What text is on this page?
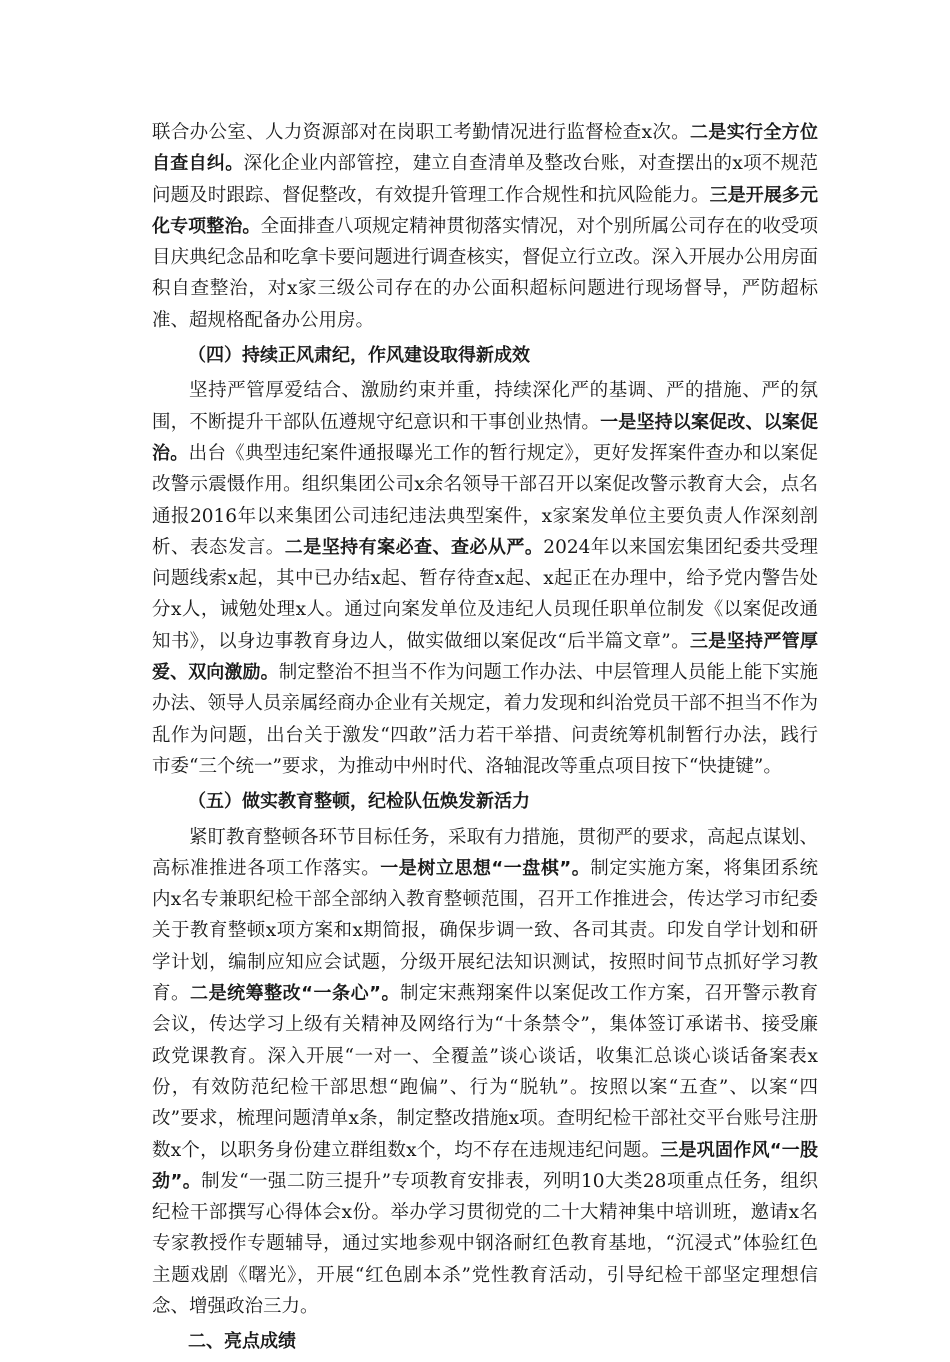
联合办公室、人力资源部对在岗职工考勤情况进行监督检查x次。二是实行全方位自查自纠。深化企业内部管控，建立自查清单及整改台账，对查摆出的x项不规范问题及时跟踪、督促整改，有效提升管理工作合规性和抗风险能力。三是开展多元化专项整治。全面排查八项规定精神贯彻落实情况，对个别所属公司存在的收受项目庆典纪念品和吃拿卡要问题进行调查核实，督促立行立改。深入开展办公用房面积自查整治，对x家三级公司存在的办公面积超标问题进行现场督导，严防超标准、超规格配备办公用房。

（四）持续正风肃纪，作风建设取得新成效

坚持严管厚爱结合、激励约束并重，持续深化严的基调、严的措施、严的氛围，不断提升干部队伍遵规守纪意识和干事创业热情。一是坚持以案促改、以案促治。出台《典型违纪案件通报曝光工作的暂行规定》，更好发挥案件查办和以案促改警示震慑作用。组织集团公司x余名领导干部召开以案促改警示教育大会，点名通报2016年以来集团公司违纪违法典型案件，x家案发单位主要负责人作深刻剖析、表态发言。二是坚持有案必查、查必从严。2024年以来国宏集团纪委共受理问题线索x起，其中已办结x起、暂存待查x起、x起正在办理中，给予党内警告处分x人，诫勉处理x人。通过向案发单位及违纪人员现任职单位制发《以案促改通知书》，以身边事教育身边人，做实做细以案促改“后半篇文章”。三是坚持严管厚爱、双向激励。制定整治不担当不作为问题工作办法、中层管理人员能上能下实施办法、领导人员亲属经商办企业有关规定，着力发现和纠治党员干部不担当不作为乱作为问题，出台关于激发“四敢”活力若干举措、问责统筹机制暂行办法，践行市委“三个统一”要求，为推动中州时代、洛轴混改等重点项目按下“快捷键”。

（五）做实教育整顿，纪检队伍焕发新活力

紧盯教育整顿各环节目标任务，采取有力措施，贯彻严的要求，高起点谋划、高标准推进各项工作落实。一是树立思想“一盘棋”。制定实施方案，将集团系统内x名专兼职纪检干部全部纳入教育整顿范围，召开工作推进会，传达学习市纪委关于教育整顿x项方案和x期简报，确保步调一致、各司其责。印发自学计划和研学计划，编制应知应会试题，分级开展纪法知识测试，按照时间节点抓好学习教育。二是统筹整改“一条心”。制定宋燕翔案件以案促改工作方案，召开警示教育会议，传达学习上级有关精神及网络行为“十条禁令”，集体签订承诺书、接受廉政党课教育。深入开展“一对一、全覆盖”谈心谈话，收集汇总谈心谈话备案表x份，有效防范纪检干部思想“跑偏”、行为“脱轨”。按照以案“五查”、以案“四改”要求，梳理问题清单x条，制定整改措施x项。查明纪检干部社交平台账号注册数x个，以职务身份建立群组数x个，均不存在违规违纪问题。三是巩固作风“一股劲”。制发“一强二防三提升”专项教育安排表，列明10大类28项重点任务，组织纪检干部撰写心得体会x份。举办学习贯彻党的二十大精神集中培训班，邀请x名专家教授作专题辅导，通过实地参观中钢洛耐红色教育基地，“沉浸式”体验红色主题戏剧《曙光》，开展“红色剧本杀”党性教育活动，引导纪检干部坚定理想信念、增强政治三力。

二、亮点成绩
